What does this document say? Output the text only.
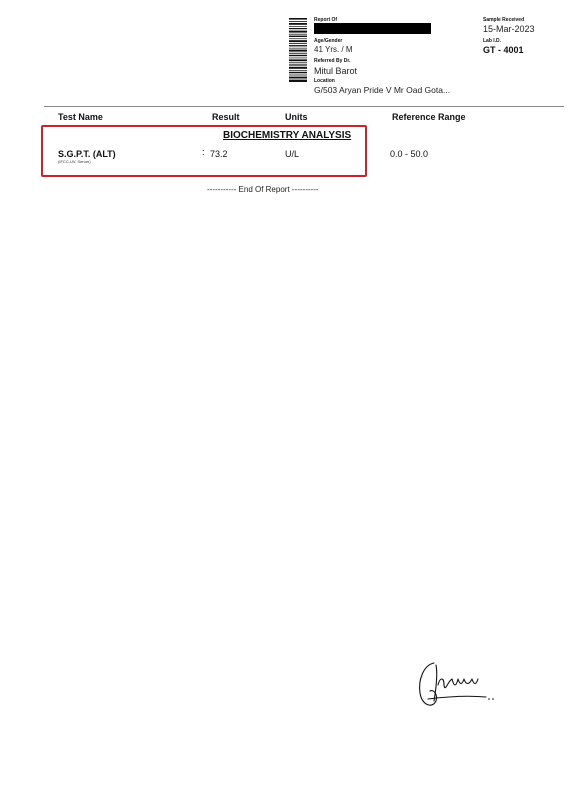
Report Of
Age/Gender
41 Yrs. / M
Referred By Dr.
Mitul Barot
Location
G/503 Aryan Pride V Mr Oad Gota...
Sample Received
15-Mar-2023
Lab I.D.
GT - 4001
Test Name	Result	Units	Reference Range
BIOCHEMISTRY ANALYSIS
S.G.P.T. (ALT)
(IFCC-UV, Serum)
: 73.2	U/L	0.0 - 50.0
----------- End Of Report ----------
